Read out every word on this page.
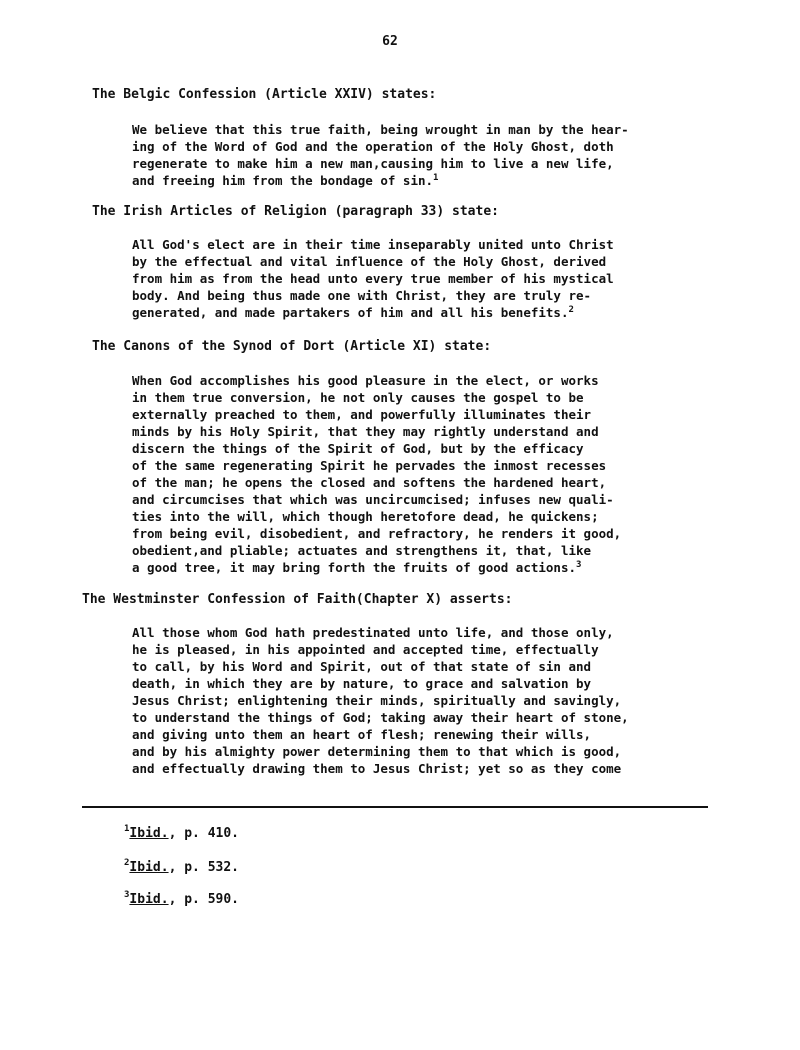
62
The Belgic Confession (Article XXIV) states:
We believe that this true faith, being wrought in man by the hear-
ing of the Word of God and the operation of the Holy Ghost, doth
regenerate to make him a new man,causing him to live a new life,
and freeing him from the bondage of sin.$^1$
The Irish Articles of Religion (paragraph 33) state:
All God's elect are in their time inseparably united unto Christ
by the effectual and vital influence of the Holy Ghost, derived
from him as from the head unto every true member of his mystical
body. And being thus made one with Christ, they are truly re-
generated, and made partakers of him and all his benefits.$^2$
The Canons of the Synod of Dort (Article XI) state:
When God accomplishes his good pleasure in the elect, or works
in them true conversion, he not only causes the gospel to be
externally preached to them, and powerfully illuminates their
minds by his Holy Spirit, that they may rightly understand and
discern the things of the Spirit of God, but by the efficacy
of the same regenerating Spirit he pervades the inmost recesses
of the man; he opens the closed and softens the hardened heart,
and circumcises that which was uncircumcised; infuses new quali-
ties into the will, which though heretofore dead, he quickens;
from being evil, disobedient, and refractory, he renders it good,
obedient,and pliable; actuates and strengthens it, that, like
a good tree, it may bring forth the fruits of good actions.$^3$
The Westminster Confession of Faith(Chapter X) asserts:
All those whom God hath predestinated unto life, and those only,
he is pleased, in his appointed and accepted time, effectually
to call, by his Word and Spirit, out of that state of sin and
death, in which they are by nature, to grace and salvation by
Jesus Christ; enlightening their minds, spiritually and savingly,
to understand the things of God; taking away their heart of stone,
and giving unto them an heart of flesh; renewing their wills,
and by his almighty power determining them to that which is good,
and effectually drawing them to Jesus Christ; yet so as they come
$^1$Ibid., p. 410.
$^2$Ibid., p. 532.
$^3$Ibid., p. 590.
